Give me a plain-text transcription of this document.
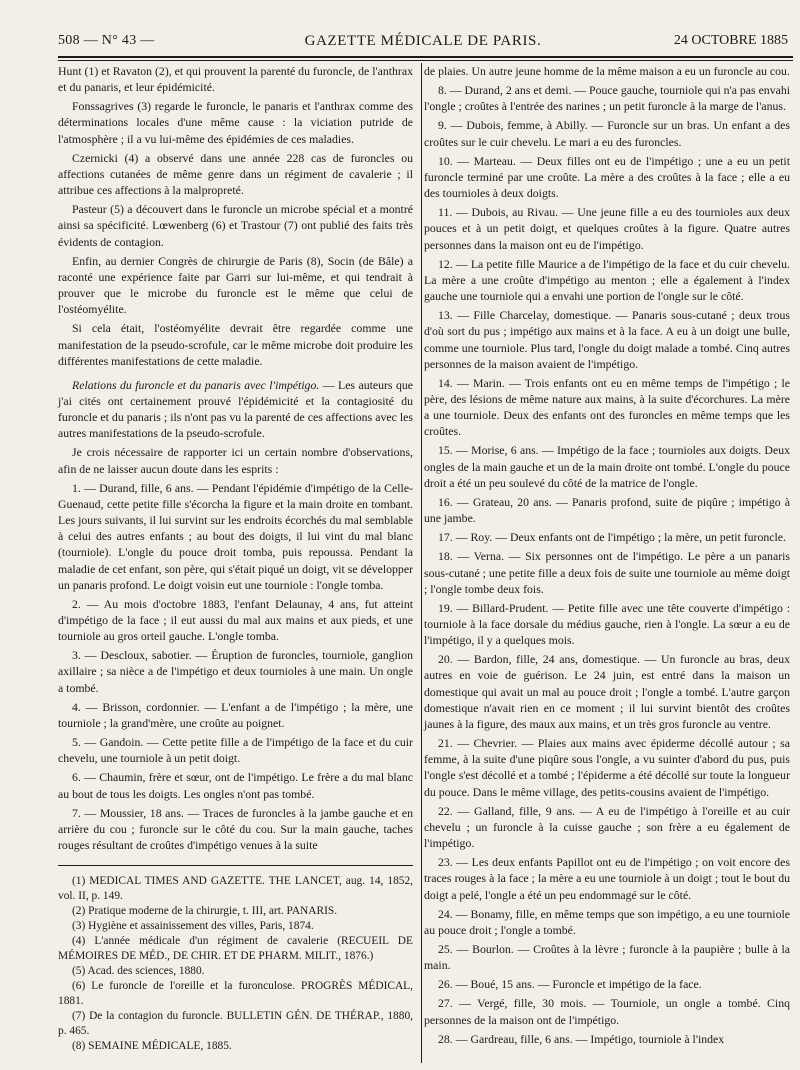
508 — N° 43 —	GAZETTE MÉDICALE DE PARIS.	24 OCTOBRE 1885

Hunt (1) et Ravaton (2), et qui prouvent la parenté du furoncle, de l'anthrax et du panaris, et leur épidémicité.

Fonssagrives (3) regarde le furoncle, le panaris et l'anthrax comme des déterminations locales d'une même cause : la viciation putride de l'atmosphère ; il a vu lui-même des épidémies de ces maladies.

Czernicki (4) a observé dans une année 228 cas de furoncles ou affections cutanées de même genre dans un régiment de cavalerie ; il attribue ces affections à la malpropreté.

Pasteur (5) a découvert dans le furoncle un microbe spécial et a montré ainsi sa spécificité. Lœwenberg (6) et Trastour (7) ont publié des faits très évidents de contagion.

Enfin, au dernier Congrès de chirurgie de Paris (8), Socin (de Bâle) a raconté une expérience faite par Garri sur lui-même, et qui tendrait à prouver que le microbe du furoncle est le même que celui de l'ostéomyélite.

Si cela était, l'ostéomyélite devrait être regardée comme une manifestation de la pseudo-scrofule, car le même microbe doit produire les différentes manifestations de cette maladie.

Relations du furoncle et du panaris avec l'impétigo. — Les auteurs que j'ai cités ont certainement prouvé l'épidémicité et la contagiosité du furoncle et du panaris ; ils n'ont pas vu la parenté de ces affections avec les autres manifestations de la pseudo-scrofule.

Je crois nécessaire de rapporter ici un certain nombre d'observations, afin de ne laisser aucun doute dans les esprits :

1. — Durand, fille, 6 ans. — Pendant l'épidémie d'impétigo de la Celle-Guenaud, cette petite fille s'écorcha la figure et la main droite en tombant. Les jours suivants, il lui survint sur les endroits écorchés du mal semblable à celui des autres enfants ; au bout des doigts, il lui vint du mal blanc (tourniole). L'ongle du pouce droit tomba, puis repoussa. Pendant la maladie de cet enfant, son père, qui s'était piqué un doigt, vit se développer un panaris profond. Le doigt voisin eut une tourniole : l'ongle tomba.

2. — Au mois d'octobre 1883, l'enfant Delaunay, 4 ans, fut atteint d'impétigo de la face ; il eut aussi du mal aux mains et aux pieds, et une tourniole au gros orteil gauche. L'ongle tomba.

3. — Descloux, sabotier. — Éruption de furoncles, tourniole, ganglion axillaire ; sa nièce a de l'impétigo et deux tournioles à une main. Un ongle a tombé.

4. — Brisson, cordonnier. — L'enfant a de l'impétigo ; la mère, une tourniole ; la grand'mère, une croûte au poignet.

5. — Gandoin. — Cette petite fille a de l'impétigo de la face et du cuir chevelu, une tourniole à un petit doigt.

6. — Chaumin, frère et sœur, ont de l'impétigo. Le frère a du mal blanc au bout de tous les doigts. Les ongles n'ont pas tombé.

7. — Moussier, 18 ans. — Traces de furoncles à la jambe gauche et en arrière du cou ; furoncle sur le côté du cou. Sur la main gauche, taches rouges résultant de croûtes d'impétigo venues à la suite

(1) MEDICAL TIMES AND GAZETTE. THE LANCET, aug. 14, 1852, vol. II, p. 149.

(2) Pratique moderne de la chirurgie, t. III, art. PANARIS.

(3) Hygiène et assainissement des villes, Paris, 1874.

(4) L'année médicale d'un régiment de cavalerie (RECUEIL DE MÉMOIRES DE MÉD., DE CHIR. ET DE PHARM. MILIT., 1876.)

(5) Acad. des sciences, 1880.

(6) Le furoncle de l'oreille et la furonculose. PROGRÈS MÉDICAL, 1881.

(7) De la contagion du furoncle. BULLETIN GÉN. DE THÉRAP., 1880, p. 465.

(8) SEMAINE MÉDICALE, 1885.

de plaies. Un autre jeune homme de la même maison a eu un furoncle au cou.

8. — Durand, 2 ans et demi. — Pouce gauche, tourniole qui n'a pas envahi l'ongle ; croûtes à l'entrée des narines ; un petit furoncle à la marge de l'anus.

9. — Dubois, femme, à Abilly. — Furoncle sur un bras. Un enfant a des croûtes sur le cuir chevelu. Le mari a eu des furoncles.

10. — Marteau. — Deux filles ont eu de l'impétigo ; une a eu un petit furoncle terminé par une croûte. La mère a des croûtes à la face ; elle a eu des tournioles à deux doigts.

11. — Dubois, au Rivau. — Une jeune fille a eu des tournioles aux deux pouces et à un petit doigt, et quelques croûtes à la figure. Quatre autres personnes dans la maison ont eu de l'impétigo.

12. — La petite fille Maurice a de l'impétigo de la face et du cuir chevelu. La mère a une croûte d'impétigo au menton ; elle a également à l'index gauche une tourniole qui a envahi une portion de l'ongle sur le côté.

13. — Fille Charcelay, domestique. — Panaris sous-cutané ; deux trous d'où sort du pus ; impétigo aux mains et à la face. A eu à un doigt une bulle, comme une tourniole. Plus tard, l'ongle du doigt malade a tombé. Cinq autres personnes de la maison avaient de l'impétigo.

14. — Marin. — Trois enfants ont eu en même temps de l'impétigo ; le père, des lésions de même nature aux mains, à la suite d'écorchures. La mère a une tourniole. Deux des enfants ont des furoncles en même temps que les croûtes.

15. — Morise, 6 ans. — Impétigo de la face ; tournioles aux doigts. Deux ongles de la main gauche et un de la main droite ont tombé. L'ongle du pouce droit a été un peu soulevé du côté de la matrice de l'ongle.

16. — Grateau, 20 ans. — Panaris profond, suite de piqûre ; impétigo à une jambe.

17. — Roy. — Deux enfants ont de l'impétigo ; la mère, un petit furoncle.

18. — Verna. — Six personnes ont de l'impétigo. Le père a un panaris sous-cutané ; une petite fille a deux fois de suite une tourniole au même doigt ; l'ongle tombe deux fois.

19. — Billard-Prudent. — Petite fille avec une tête couverte d'impétigo : tourniole à la face dorsale du médius gauche, rien à l'ongle. La sœur a eu de l'impétigo, il y a quelques mois.

20. — Bardon, fille, 24 ans, domestique. — Un furoncle au bras, deux autres en voie de guérison. Le 24 juin, est entré dans la maison un domestique qui avait un mal au pouce droit ; l'ongle a tombé. L'autre garçon domestique n'avait rien en ce moment ; il lui survint bientôt des croûtes jaunes à la figure, des maux aux mains, et un très gros furoncle au ventre.

21. — Chevrier. — Plaies aux mains avec épiderme décollé autour ; sa femme, à la suite d'une piqûre sous l'ongle, a vu suinter d'abord du pus, puis l'ongle s'est décollé et a tombé ; l'épiderme a été décollé sur toute la longueur du pouce. Dans le même village, des petits-cousins avaient de l'impétigo.

22. — Galland, fille, 9 ans. — A eu de l'impétigo à l'oreille et au cuir chevelu ; un furoncle à la cuisse gauche ; son frère a eu également de l'impétigo.

23. — Les deux enfants Papillot ont eu de l'impétigo ; on voit encore des traces rouges à la face ; la mère a eu une tourniole à un doigt ; tout le bout du doigt a pelé, l'ongle a été un peu endommagé sur le côté.

24. — Bonamy, fille, en même temps que son impétigo, a eu une tourniole au pouce droit ; l'ongle a tombé.

25. — Bourlon. — Croûtes à la lèvre ; furoncle à la paupière ; bulle à la main.

26. — Boué, 15 ans. — Furoncle et impétigo de la face.

27. — Vergé, fille, 30 mois. — Tourniole, un ongle a tombé. Cinq personnes de la maison ont de l'impétigo.

28. — Gardreau, fille, 6 ans. — Impétigo, tourniole à l'index
